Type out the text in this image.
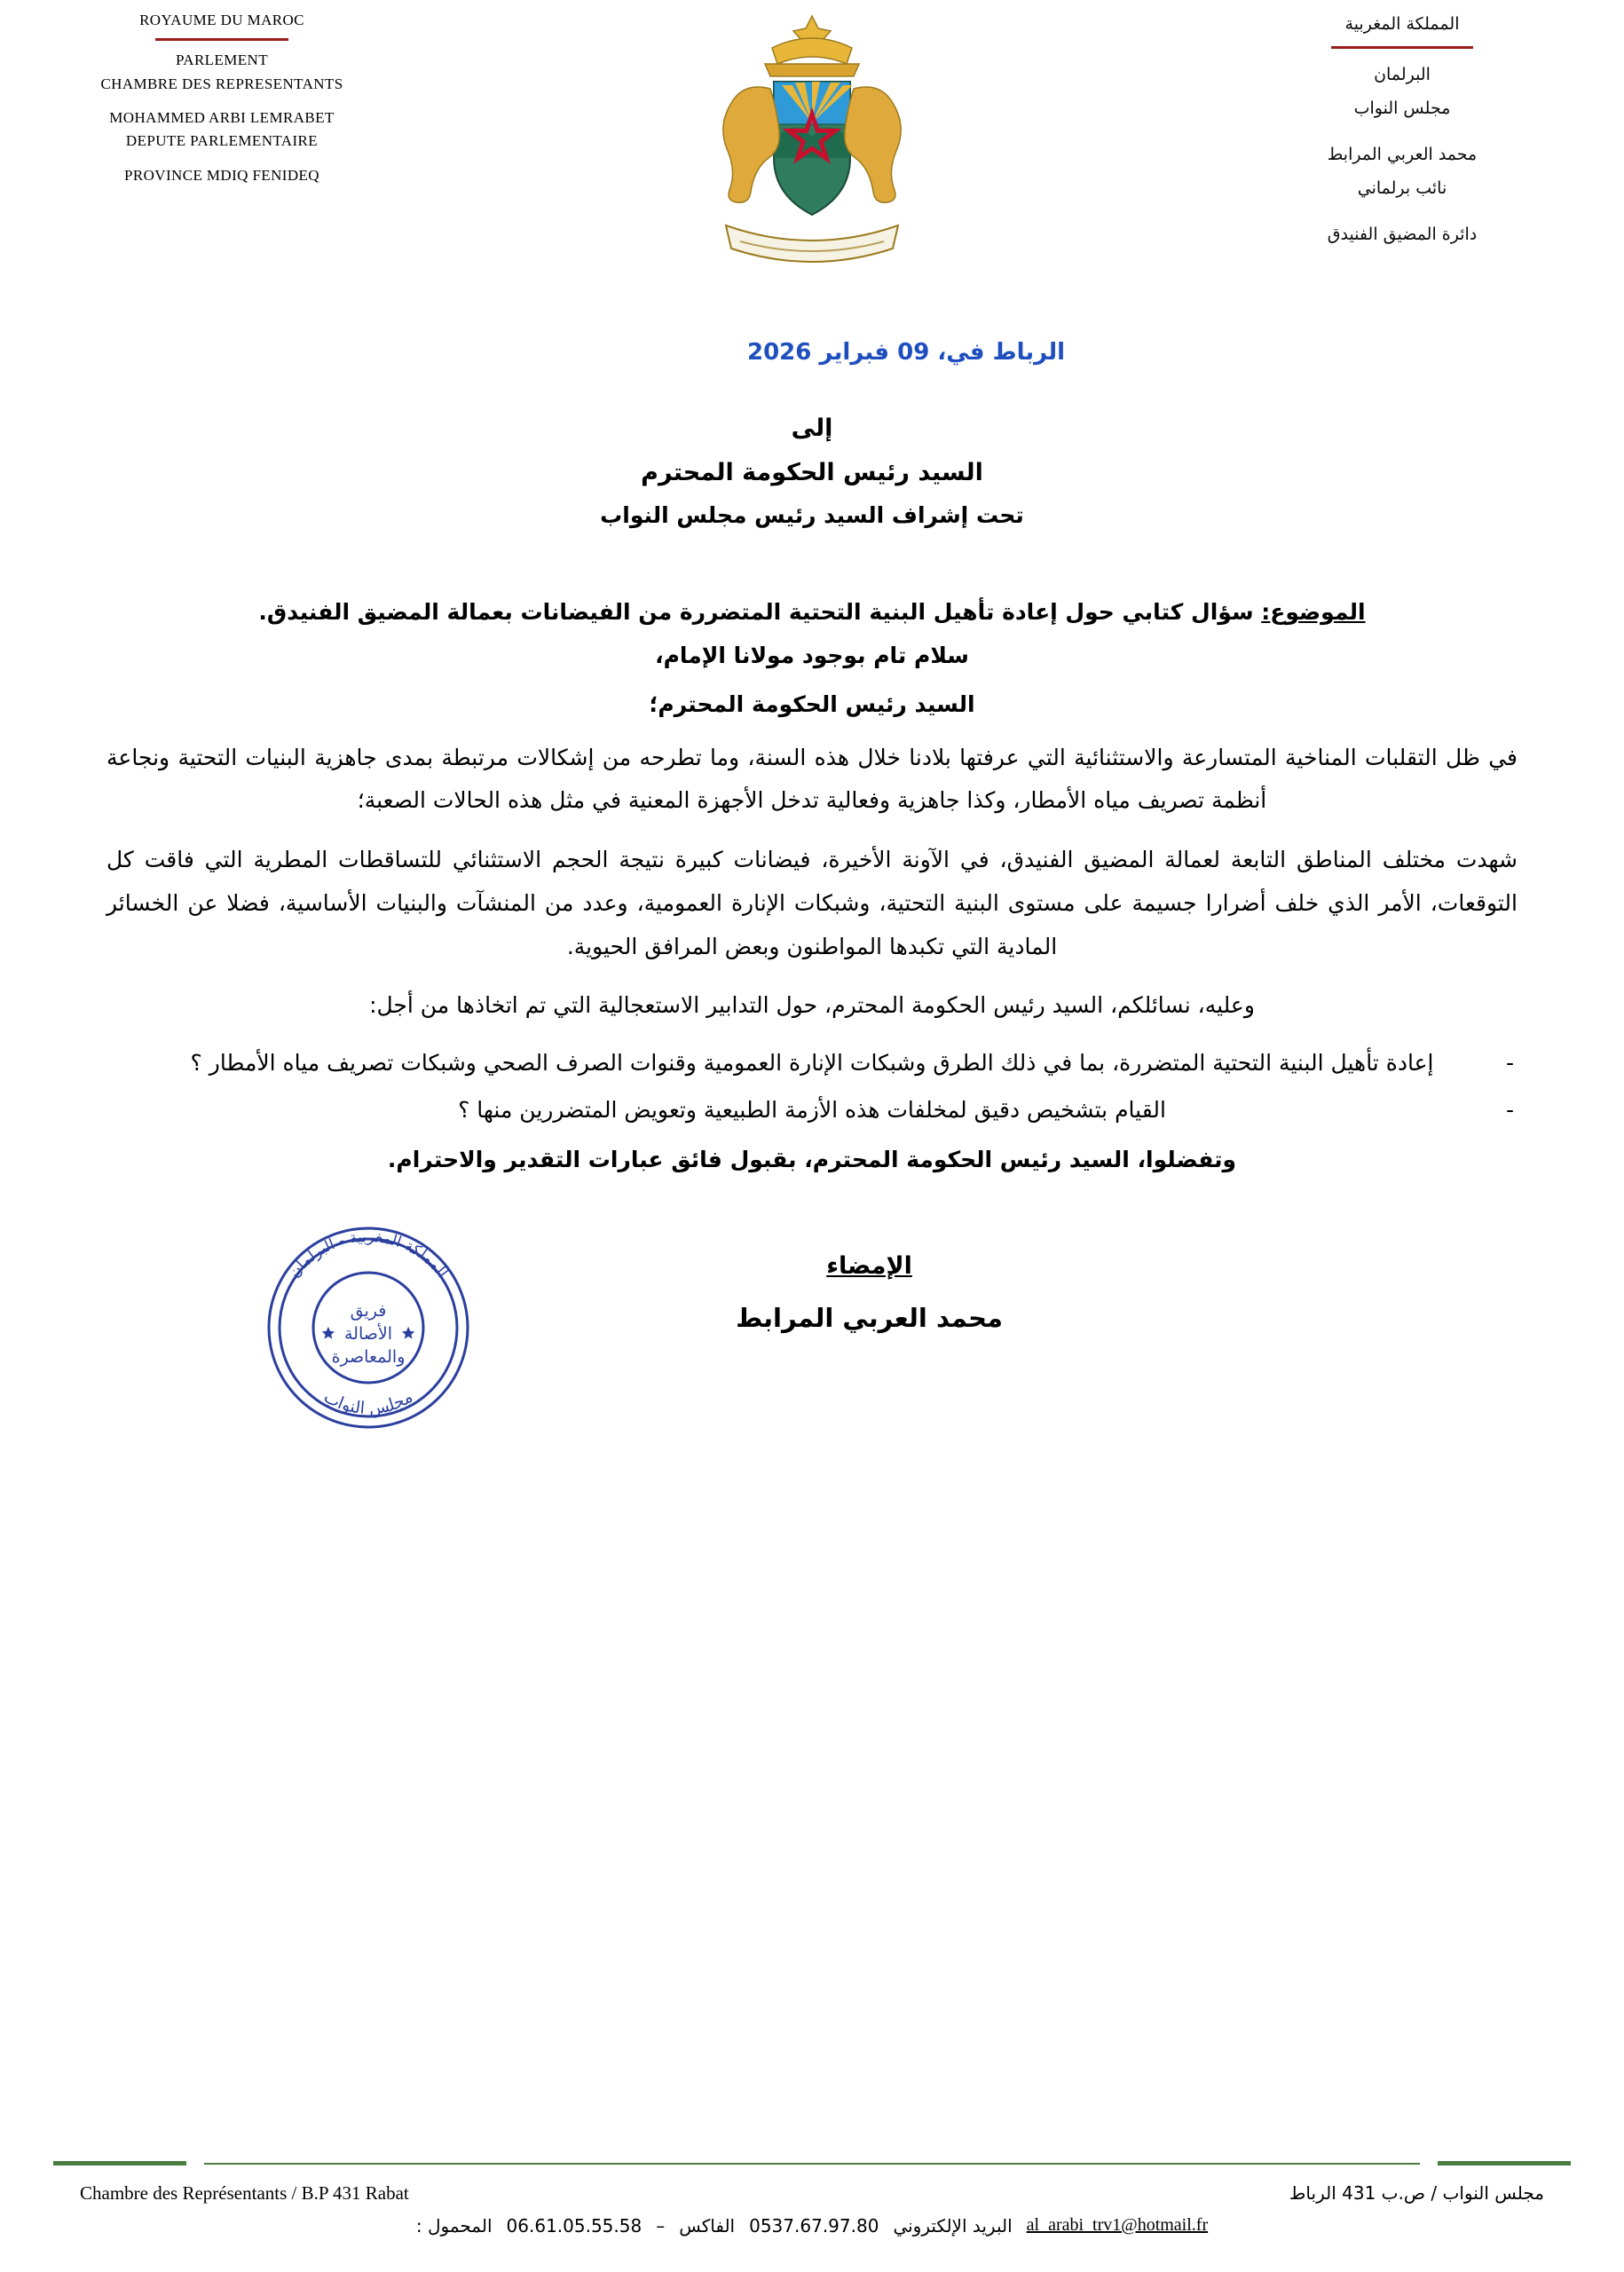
ROYAUME DU MAROC

PARLEMENT

CHAMBRE DES REPRESENTANTS

MOHAMMED ARBI LEMRABET

DEPUTE PARLEMENTAIRE

PROVINCE MDIQ FENIDEQ

المملكة المغربية

البرلمان

مجلس النواب

محمد العربي المرابط

نائب برلماني

دائرة المضيق الفنيدق

الرباط في، 09 فبراير 2026
إلى
السيد رئيس الحكومة المحترم
تحت إشراف السيد رئيس مجلس النواب
الموضوع: سؤال كتابي حول إعادة تأهيل البنية التحتية المتضررة من الفيضانات بعمالة المضيق الفنيدق.
سلام تام بوجود مولانا الإمام،
السيد رئيس الحكومة المحترم؛

في ظل التقلبات المناخية المتسارعة والاستثنائية التي عرفتها بلادنا خلال هذه السنة، وما تطرحه من إشكالات مرتبطة بمدى جاهزية البنيات التحتية ونجاعة أنظمة تصريف مياه الأمطار، وكذا جاهزية وفعالية تدخل الأجهزة المعنية في مثل هذه الحالات الصعبة؛

شهدت مختلف المناطق التابعة لعمالة المضيق الفنيدق، في الآونة الأخيرة، فيضانات كبيرة نتيجة الحجم الاستثنائي للتساقطات المطرية التي فاقت كل التوقعات، الأمر الذي خلف أضرارا جسيمة على مستوى البنية التحتية، وشبكات الإنارة العمومية، وعدد من المنشآت والبنيات الأساسية، فضلا عن الخسائر المادية التي تكبدها المواطنون وبعض المرافق الحيوية.

وعليه، نسائلكم، السيد رئيس الحكومة المحترم، حول التدابير الاستعجالية التي تم اتخاذها من أجل:

- إعادة تأهيل البنية التحتية المتضررة، بما في ذلك الطرق وشبكات الإنارة العمومية وقنوات الصرف الصحي وشبكات تصريف مياه الأمطار ؟
- القيام بتشخيص دقيق لمخلفات هذه الأزمة الطبيعية وتعويض المتضررين منها ؟
وتفضلوا، السيد رئيس الحكومة المحترم، بقبول فائق عبارات التقدير والاحترام.
الإمضاء
محمد العربي المرابط
المملكة المغربية - البرلمان
مجلس النواب
فريق
الأصالة
والمعاصرة
Chambre des Représentants / B.P 431 Rabat	مجلس النواب / ص.ب 431 الرباط
al_arabi_trv1@hotmail.fr
البريد الإلكتروني
0537.67.97.80
الفاكس
–
06.61.05.55.58
المحمول :
